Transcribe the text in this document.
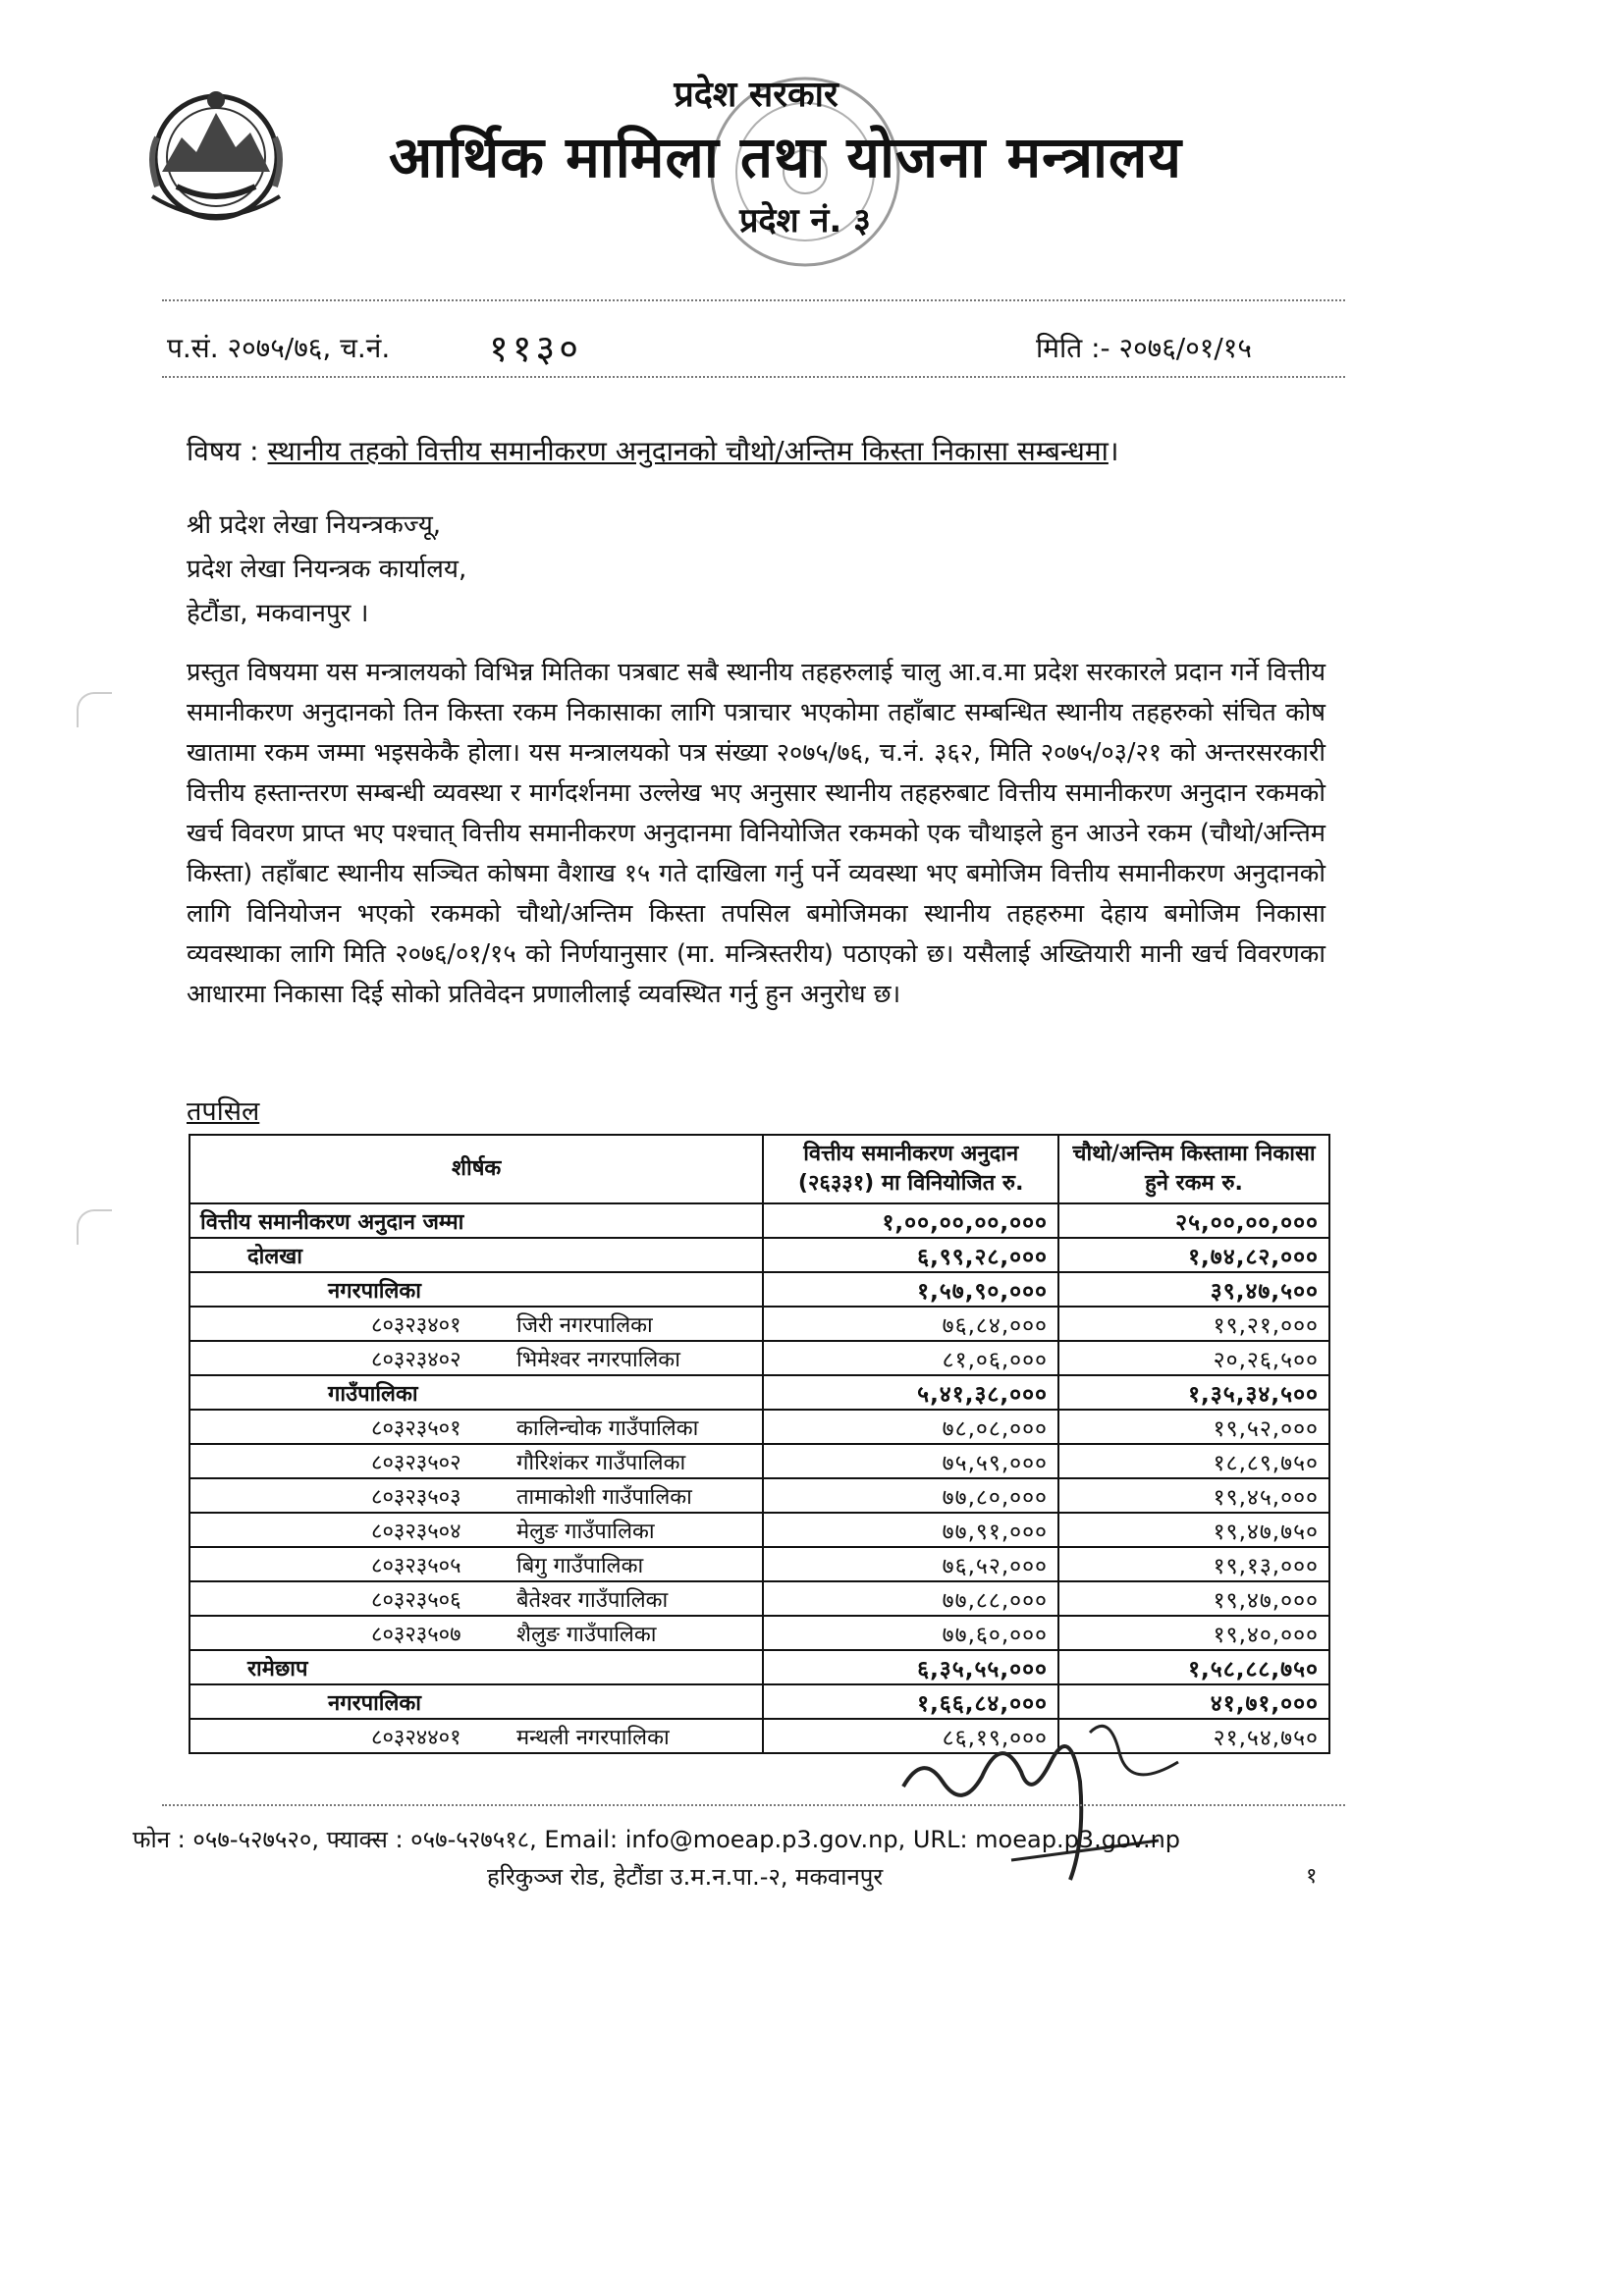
प्रदेश सरकार
आर्थिक मामिला तथा योजना मन्त्रालय
प्रदेश नं. ३
प.सं. २०७५/७६, च.नं.	११३०	मिति :- २०७६/०१/१५
विषय : स्थानीय तहको वित्तीय समानीकरण अनुदानको चौथो/अन्तिम किस्ता निकासा सम्बन्धमा।
श्री प्रदेश लेखा नियन्त्रकज्यू,
प्रदेश लेखा नियन्त्रक कार्यालय,
हेटौंडा, मकवानपुर ।
प्रस्तुत विषयमा यस मन्त्रालयको विभिन्न मितिका पत्रबाट सबै स्थानीय तहहरुलाई चालु आ.व.मा प्रदेश सरकारले प्रदान गर्ने वित्तीय समानीकरण अनुदानको तिन किस्ता रकम निकासाका लागि पत्राचार भएकोमा तहाँबाट सम्बन्धित स्थानीय तहहरुको संचित कोष खातामा रकम जम्मा भइसकेकै होला। यस मन्त्रालयको पत्र संख्या २०७५/७६, च.नं. ३६२, मिति २०७५/०३/२१ को अन्तरसरकारी वित्तीय हस्तान्तरण सम्बन्धी व्यवस्था र मार्गदर्शनमा उल्लेख भए अनुसार स्थानीय तहहरुबाट वित्तीय समानीकरण अनुदान रकमको खर्च विवरण प्राप्त भए पश्चात् वित्तीय समानीकरण अनुदानमा विनियोजित रकमको एक चौथाइले हुन आउने रकम (चौथो/अन्तिम किस्ता) तहाँबाट स्थानीय सञ्चित कोषमा वैशाख १५ गते दाखिला गर्नु पर्ने व्यवस्था भए बमोजिम वित्तीय समानीकरण अनुदानको लागि विनियोजन भएको रकमको चौथो/अन्तिम किस्ता तपसिल बमोजिमका स्थानीय तहहरुमा देहाय बमोजिम निकासा व्यवस्थाका लागि मिति २०७६/०१/१५ को निर्णयानुसार (मा. मन्त्रिस्तरीय) पठाएको छ। यसैलाई अख्तियारी मानी खर्च विवरणका आधारमा निकासा दिई सोको प्रतिवेदन प्रणालीलाई व्यवस्थित गर्नु हुन अनुरोध छ।
तपसिल
शीर्षक	वित्तीय समानीकरण अनुदान (२६३३१) मा विनियोजित रु.	चौथो/अन्तिम किस्तामा निकासा हुने रकम रु.
वित्तीय समानीकरण अनुदान जम्मा	१,००,००,००,०००	२५,००,००,०००
दोलखा	६,९९,२८,०००	१,७४,८२,०००
नगरपालिका	१,५७,९०,०००	३९,४७,५००
८०३२३४०१ जिरी नगरपालिका	७६,८४,०००	१९,२१,०००
८०३२३४०२ भिमेश्वर नगरपालिका	८१,०६,०००	२०,२६,५००
गाउँपालिका	५,४१,३८,०००	१,३५,३४,५००
८०३२३५०१ कालिन्चोक गाउँपालिका	७८,०८,०००	१९,५२,०००
८०३२३५०२ गौरिशंकर गाउँपालिका	७५,५९,०००	१८,८९,७५०
८०३२३५०३ तामाकोशी गाउँपालिका	७७,८०,०००	१९,४५,०००
८०३२३५०४ मेलुङ गाउँपालिका	७७,९१,०००	१९,४७,७५०
८०३२३५०५ बिगु गाउँपालिका	७६,५२,०००	१९,१३,०००
८०३२३५०६ बैतेश्वर गाउँपालिका	७७,८८,०००	१९,४७,०००
८०३२३५०७ शैलुङ गाउँपालिका	७७,६०,०००	१९,४०,०००
रामेछाप	६,३५,५५,०००	१,५८,८८,७५०
नगरपालिका	१,६६,८४,०००	४१,७१,०००
८०३२४४०१ मन्थली नगरपालिका	८६,१९,०००	२१,५४,७५०
फोन : ०५७-५२७५२०, फ्याक्स : ०५७-५२७५१८, Email: info@moeap.p3.gov.np, URL: moeap.p3.gov.np
हरिकुञ्ज रोड, हेटौंडा उ.म.न.पा.-२, मकवानपुर	१
